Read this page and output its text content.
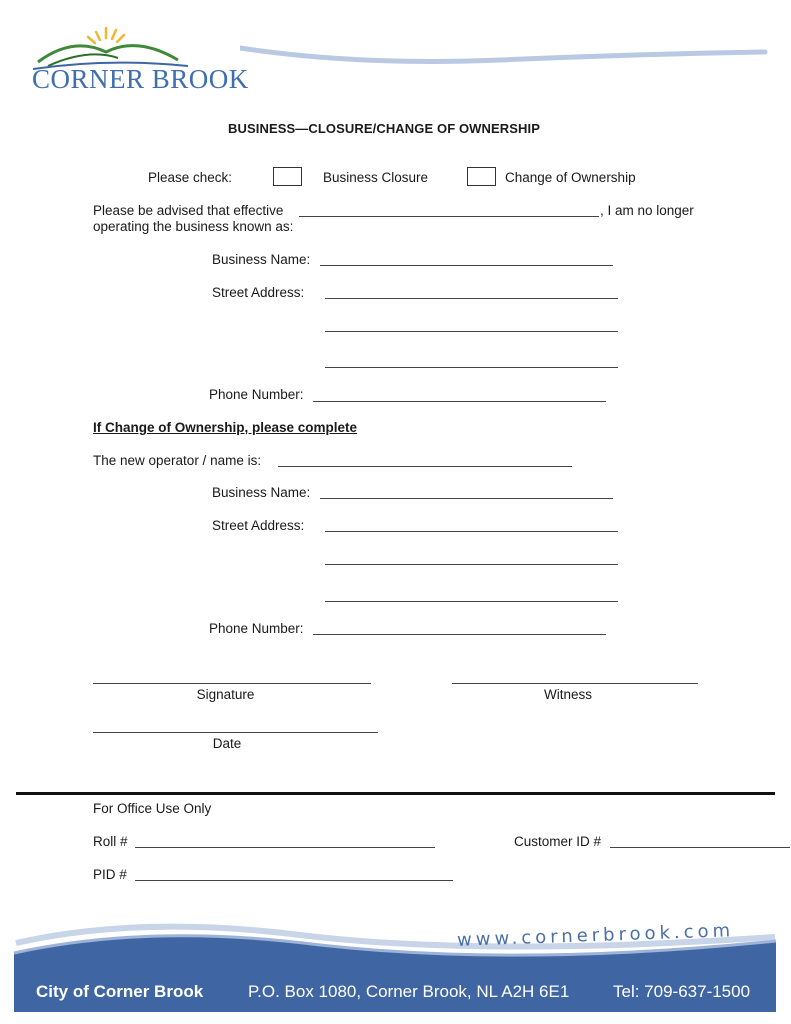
CORNER BROOK
BUSINESS—CLOSURE/CHANGE OF OWNERSHIP
Please check:	Business Closure	Change of Ownership
Please be advised that effective	, I am no longer
operating the business known as:
Business Name:
Street Address:
Phone Number:
If Change of Ownership, please complete
The new operator / name is:
Business Name:
Street Address:
Phone Number:
Signature	Witness
Date
For Office Use Only
Roll #	Customer ID #
PID #
www.cornerbrook.com
City of Corner Brook	P.O. Box 1080, Corner Brook, NL A2H 6E1	Tel: 709-637-1500
